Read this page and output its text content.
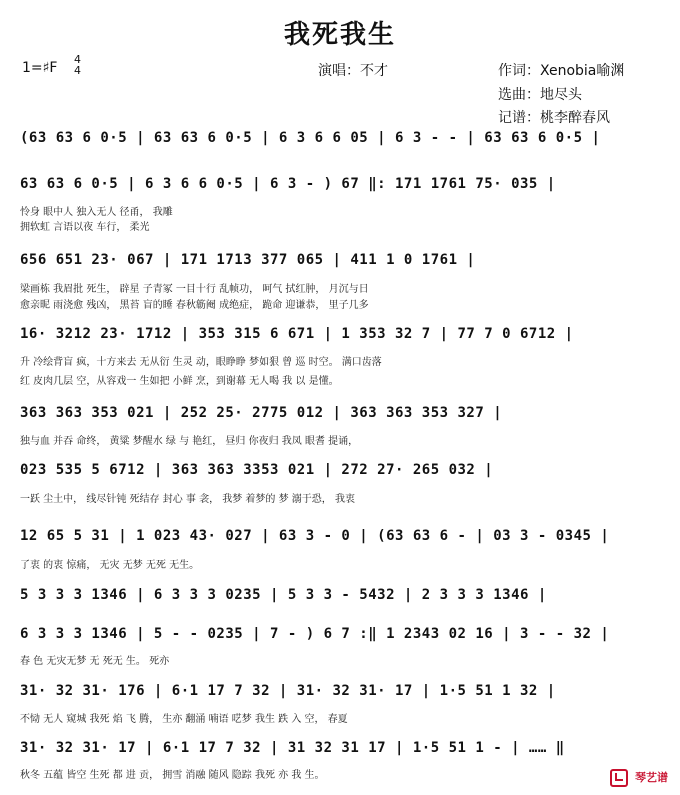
我死我生
1=♯F
4
4	演唱：不才	作词：Xenobia喻渊
选曲：地尽头
记谱：桃李醉春风
(63 63 6 0·5 | 63 63 6 0·5 | 6 3 6 6 05 | 6 3 - - | 63 63 6 0·5 |
63 63 6 0·5 | 6 3 6 6 0·5 | 6 3 - ) 67 ‖: 171 1761 75· 035 |
怜身 眼中人 独入无人 径甬， 我雕
拥软虹 言语以夜 车行， 柔光
656 651 23· 067 | 171 1713 377 065 | 411 1 0 1761 |
梁画栋 我眉批 死生， 辟星 子青冢 一目十行 乱帧功， 呵气 拭红肿， 月沉与日
愈亲昵 雨浇愈 残凶， 黑苔 盲的睡 春秋簕阉 成绝症， 跪命 迎谦恭， 里子几多
16· 3212 23· 1712 | 353 315 6 671 | 1 353 32 7 | 77 7 0 6712 |
升 冷绘背盲 疯，十方来去 无从衍 生灵 动，眼睁睁 梦如狠 曾 巡 时空。 满口齿落
红 皮肉几层 空，从容戏一 生如把 小鲜 烹，到谢幕 无人喝 我 以 是懂。
363 363 353 021 | 252 25· 2775 012 | 363 363 353 327 |
独与血 并吞 命终， 黄粱 梦醒水 绿 与 艳红， 昼归 你夜归 我凤 眼耆 提诵，
023 535 5 6712 | 363 363 3353 021 | 272 27· 265 032 |
一跃 尘土中， 线尽针钝 死结存 封心 事 衾， 我梦 着梦的 梦 溺于恐， 我衷
12 65 5 31 | 1 023 43· 027 | 63 3 - 0 | (63 63 6 - | 03 3 - 0345 |
了衷 的衷 惊痛， 无灾 无梦 无死 无生。
5 3 3 3 1346 | 6 3 3 3 0235 | 5 3 3 - 5432 | 2 3 3 3 1346 |
6 3 3 3 1346 | 5 - - 0235 | 7 - ) 6 7 :‖ 1 2343 02 16 | 3 - - 32 |
春 色 无灾无梦 无 死无 生。 死亦
31· 32 31· 176 | 6·1 17 7 32 | 31· 32 31· 17 | 1·5 51 1 32 |
不恸 无人 窥城 我死 焰 飞 腾， 生亦 翻涌 喃语 呓梦 我生 跌 入 空， 春夏
31· 32 31· 17 | 6·1 17 7 32 | 31 32 31 17 | 1·5 51 1 - | …… ‖
秋冬 五蕴 皆空 生死 都 进 贡， 拥雪 消融 随风 隐踪 我死 亦 我 生。	琴艺谱
